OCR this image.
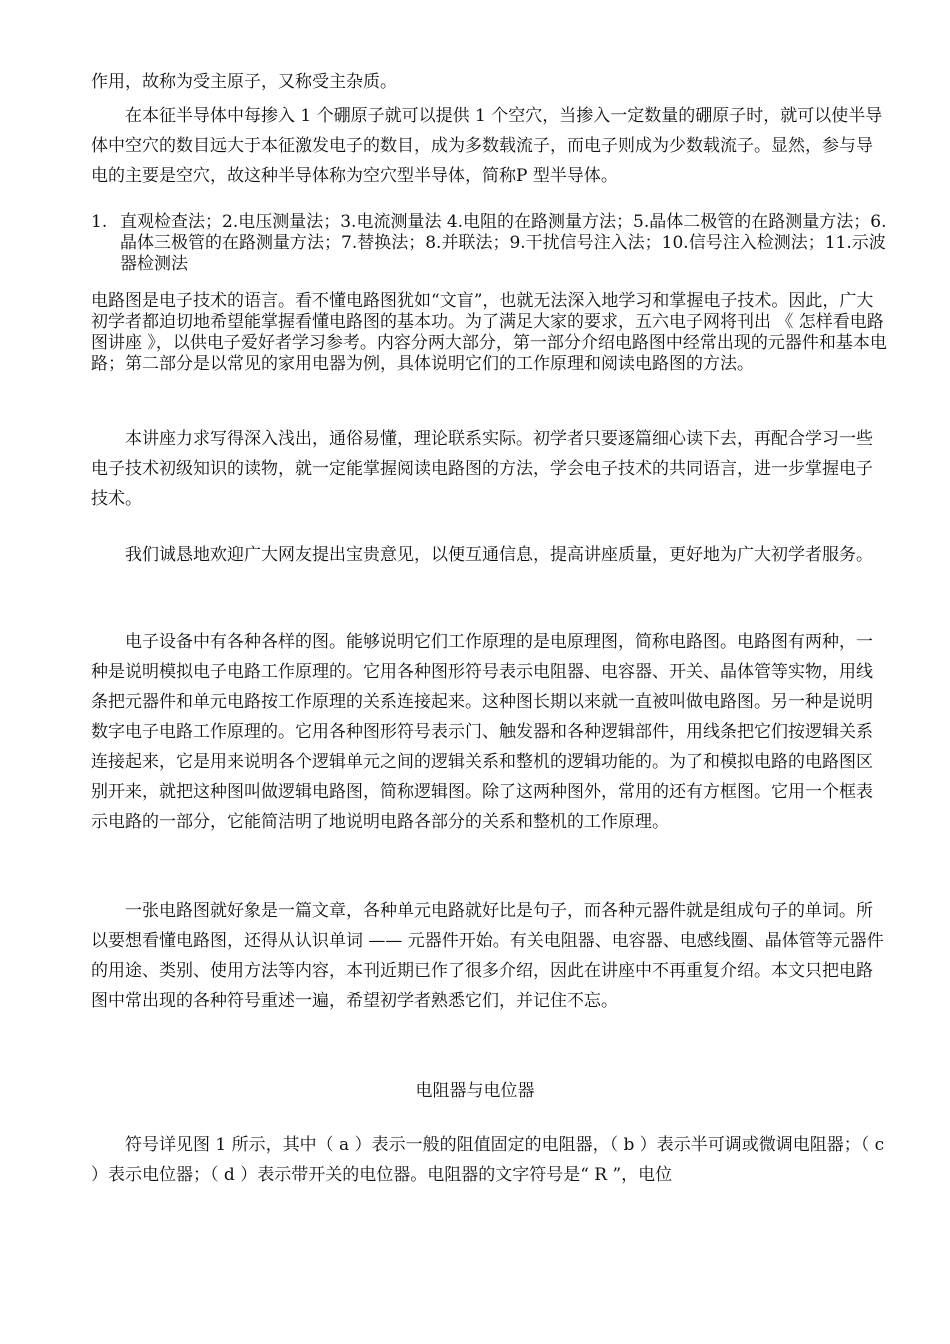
作用，故称为受主原子，又称受主杂质。

在本征半导体中每掺入 1 个硼原子就可以提供 1 个空穴，当掺入一定数量的硼原子时，就可以使半导体中空穴的数目远大于本征激发电子的数目，成为多数载流子，而电子则成为少数载流子。显然，参与导电的主要是空穴，故这种半导体称为空穴型半导体，简称P 型半导体。

1. 直观检查法；2.电压测量法；3.电流测量法 4.电阻的在路测量方法；5.晶体二极管的在路测量方法；6.晶体三极管的在路测量方法；7.替换法；8.并联法；9.干扰信号注入法；10.信号注入检测法；11.示波器检测法

电路图是电子技术的语言。看不懂电路图犹如“文盲”，也就无法深入地学习和掌握电子技术。因此，广大初学者都迫切地希望能掌握看懂电路图的基本功。为了满足大家的要求，五六电子网将刊出 《 怎样看电路图讲座 》，以供电子爱好者学习参考。内容分两大部分，第一部分介绍电路图中经常出现的元器件和基本电路；第二部分是以常见的家用电器为例，具体说明它们的工作原理和阅读电路图的方法。

本讲座力求写得深入浅出，通俗易懂，理论联系实际。初学者只要逐篇细心读下去，再配合学习一些电子技术初级知识的读物，就一定能掌握阅读电路图的方法，学会电子技术的共同语言，进一步掌握电子技术。

我们诚恳地欢迎广大网友提出宝贵意见，以便互通信息，提高讲座质量，更好地为广大初学者服务。

电子设备中有各种各样的图。能够说明它们工作原理的是电原理图，简称电路图。电路图有两种，一种是说明模拟电子电路工作原理的。它用各种图形符号表示电阻器、电容器、开关、晶体管等实物，用线条把元器件和单元电路按工作原理的关系连接起来。这种图长期以来就一直被叫做电路图。另一种是说明数字电子电路工作原理的。它用各种图形符号表示门、触发器和各种逻辑部件，用线条把它们按逻辑关系连接起来，它是用来说明各个逻辑单元之间的逻辑关系和整机的逻辑功能的。为了和模拟电路的电路图区别开来，就把这种图叫做逻辑电路图，简称逻辑图。除了这两种图外，常用的还有方框图。它用一个框表示电路的一部分，它能简洁明了地说明电路各部分的关系和整机的工作原理。

一张电路图就好象是一篇文章，各种单元电路就好比是句子，而各种元器件就是组成句子的单词。所以要想看懂电路图，还得从认识单词 —— 元器件开始。有关电阻器、电容器、电感线圈、晶体管等元器件的用途、类别、使用方法等内容，本刊近期已作了很多介绍，因此在讲座中不再重复介绍。本文只把电路图中常出现的各种符号重述一遍，希望初学者熟悉它们，并记住不忘。

电阻器与电位器

符号详见图 1 所示，其中（ a ）表示一般的阻值固定的电阻器，（ b ）表示半可调或微调电阻器；（ c ）表示电位器；（ d ）表示带开关的电位器。电阻器的文字符号是“ R ”，电位
